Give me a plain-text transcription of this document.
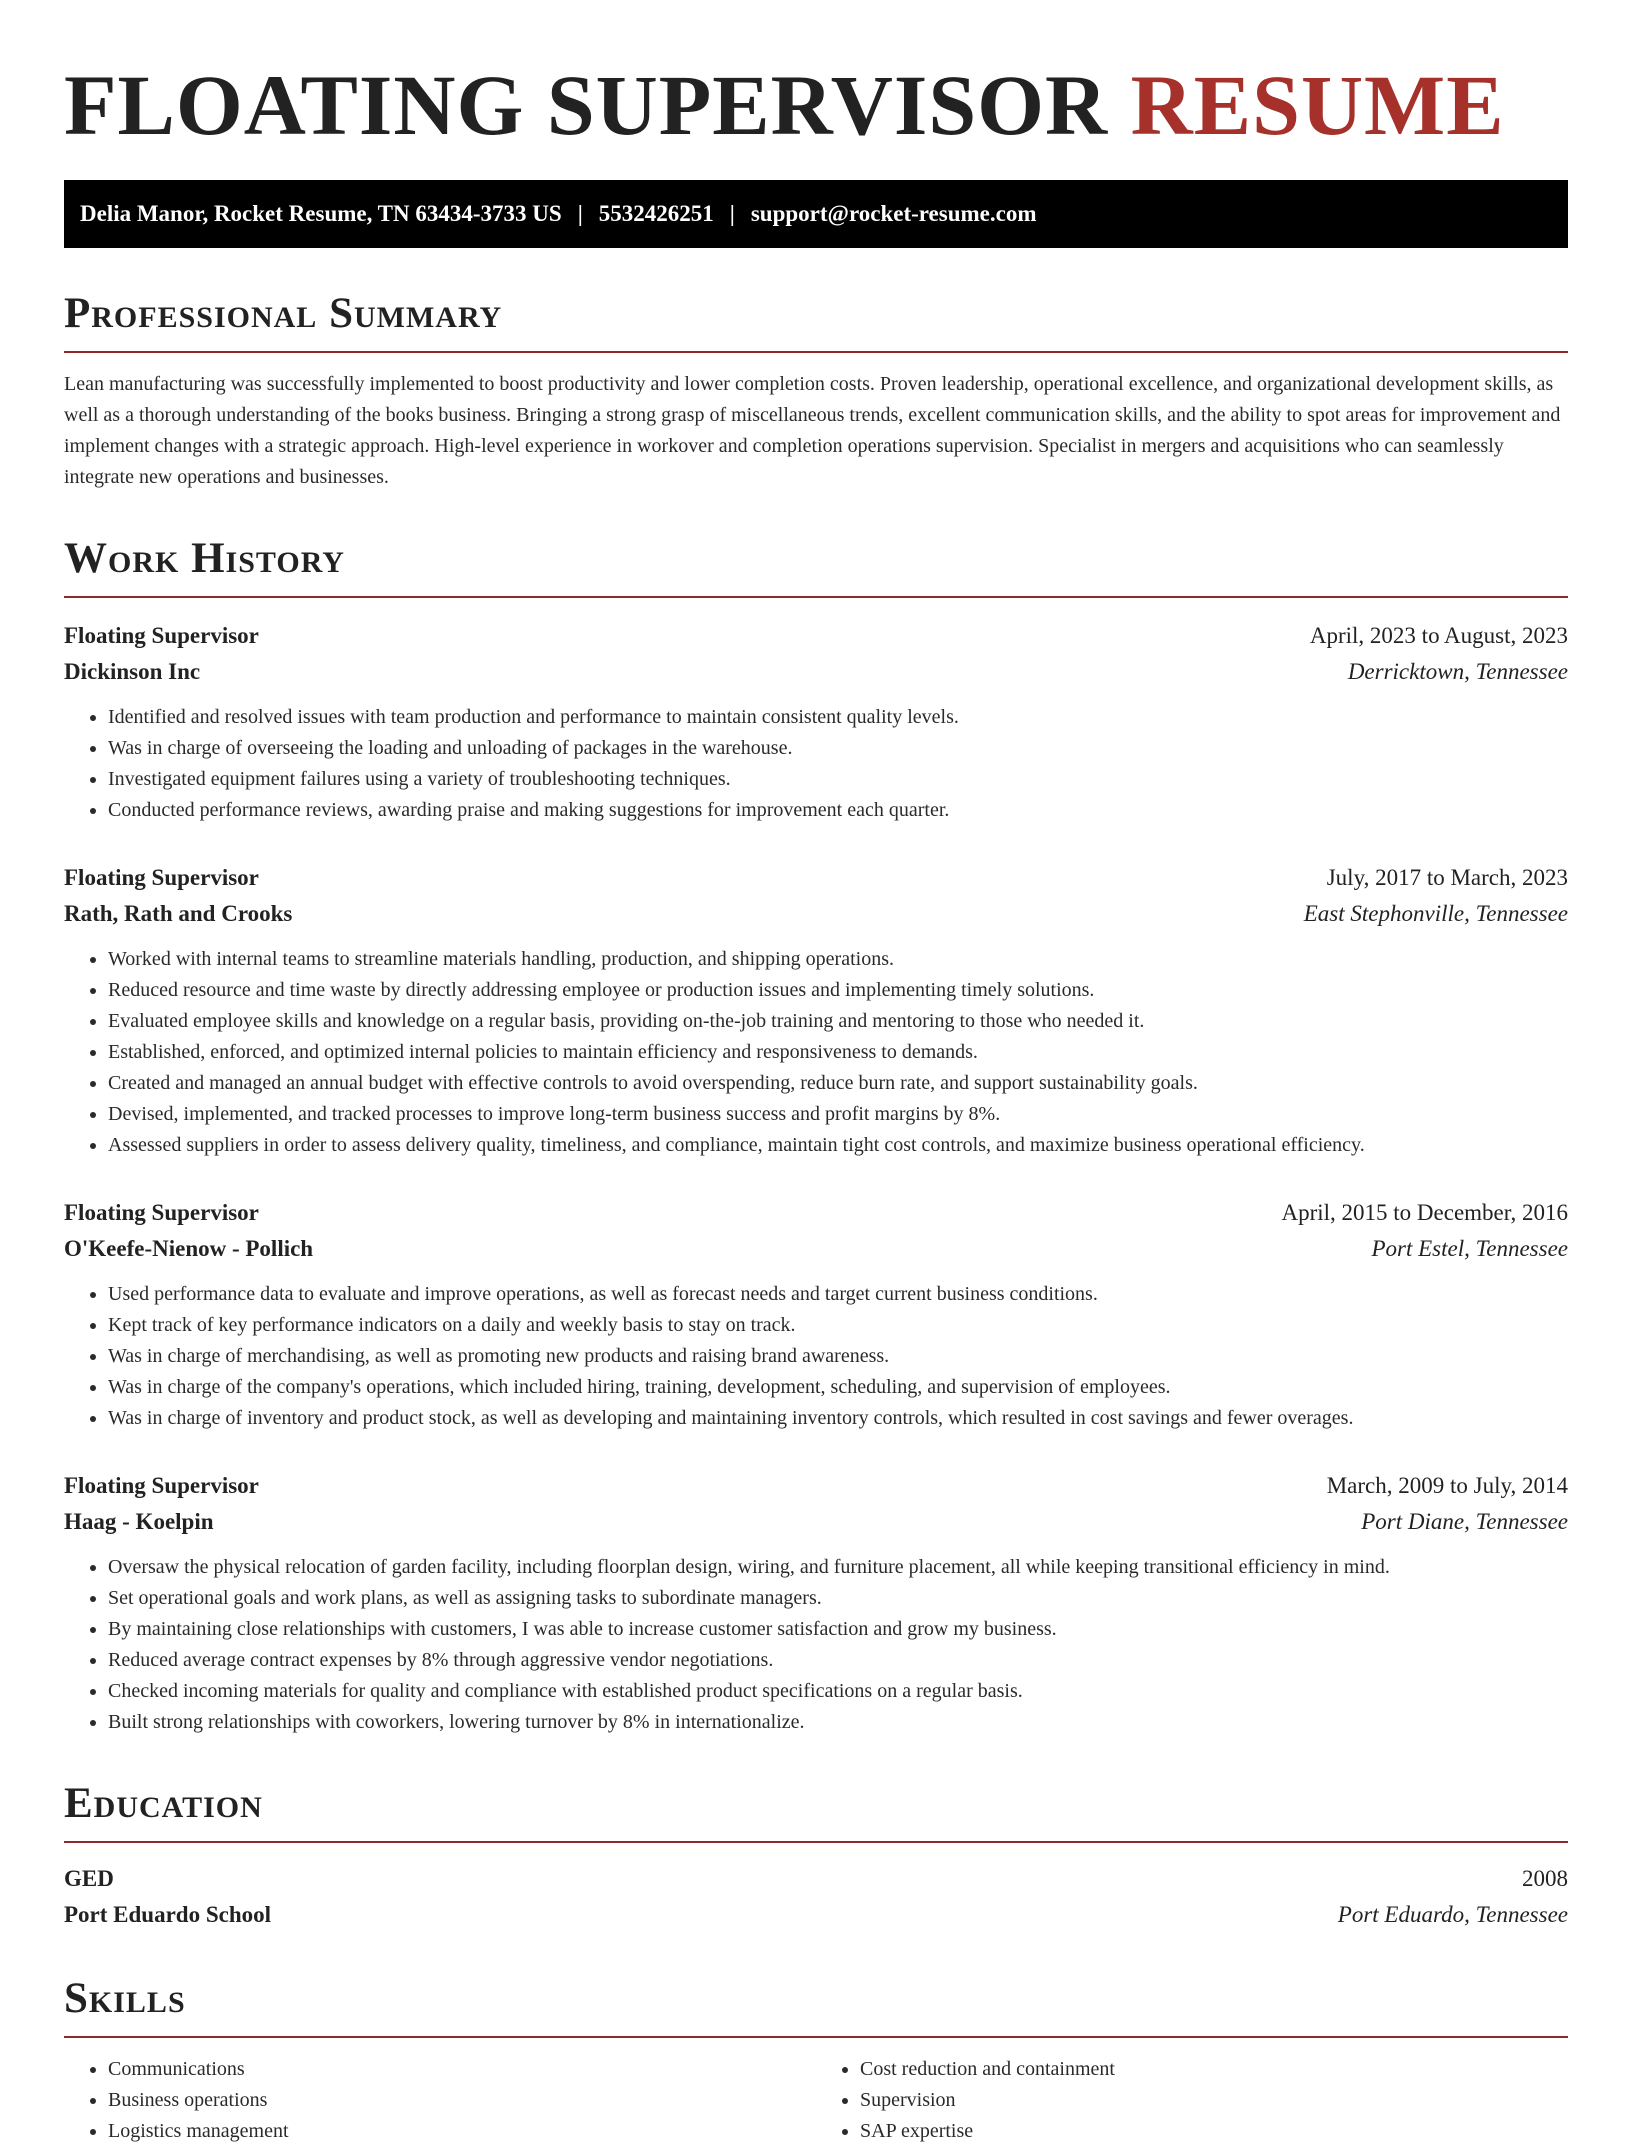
FLOATING SUPERVISOR RESUME
Delia Manor, Rocket Resume, TN 63434-3733 US | 5532426251 | support@rocket-resume.com
Professional Summary

Lean manufacturing was successfully implemented to boost productivity and lower completion costs. Proven leadership, operational excellence, and organizational development skills, as well as a thorough understanding of the books business. Bringing a strong grasp of miscellaneous trends, excellent communication skills, and the ability to spot areas for improvement and implement changes with a strategic approach. High-level experience in workover and completion operations supervision. Specialist in mergers and acquisitions who can seamlessly integrate new operations and businesses.

Work History
Floating Supervisor	April, 2023 to August, 2023
Dickinson Inc	Derricktown, Tennessee
• Identified and resolved issues with team production and performance to maintain consistent quality levels.
• Was in charge of overseeing the loading and unloading of packages in the warehouse.
• Investigated equipment failures using a variety of troubleshooting techniques.
• Conducted performance reviews, awarding praise and making suggestions for improvement each quarter.
Floating Supervisor	July, 2017 to March, 2023
Rath, Rath and Crooks	East Stephonville, Tennessee
• Worked with internal teams to streamline materials handling, production, and shipping operations.
• Reduced resource and time waste by directly addressing employee or production issues and implementing timely solutions.
• Evaluated employee skills and knowledge on a regular basis, providing on-the-job training and mentoring to those who needed it.
• Established, enforced, and optimized internal policies to maintain efficiency and responsiveness to demands.
• Created and managed an annual budget with effective controls to avoid overspending, reduce burn rate, and support sustainability goals.
• Devised, implemented, and tracked processes to improve long-term business success and profit margins by 8%.
• Assessed suppliers in order to assess delivery quality, timeliness, and compliance, maintain tight cost controls, and maximize business operational efficiency.
Floating Supervisor	April, 2015 to December, 2016
O'Keefe-Nienow - Pollich	Port Estel, Tennessee
• Used performance data to evaluate and improve operations, as well as forecast needs and target current business conditions.
• Kept track of key performance indicators on a daily and weekly basis to stay on track.
• Was in charge of merchandising, as well as promoting new products and raising brand awareness.
• Was in charge of the company's operations, which included hiring, training, development, scheduling, and supervision of employees.
• Was in charge of inventory and product stock, as well as developing and maintaining inventory controls, which resulted in cost savings and fewer overages.
Floating Supervisor	March, 2009 to July, 2014
Haag - Koelpin	Port Diane, Tennessee
• Oversaw the physical relocation of garden facility, including floorplan design, wiring, and furniture placement, all while keeping transitional efficiency in mind.
• Set operational goals and work plans, as well as assigning tasks to subordinate managers.
• By maintaining close relationships with customers, I was able to increase customer satisfaction and grow my business.
• Reduced average contract expenses by 8% through aggressive vendor negotiations.
• Checked incoming materials for quality and compliance with established product specifications on a regular basis.
• Built strong relationships with coworkers, lowering turnover by 8% in internationalize.
Education
GED	2008
Port Eduardo School	Port Eduardo, Tennessee
Skills
• Communications
• Business operations
• Logistics management
• Cost reduction and containment
• Supervision
• SAP expertise
